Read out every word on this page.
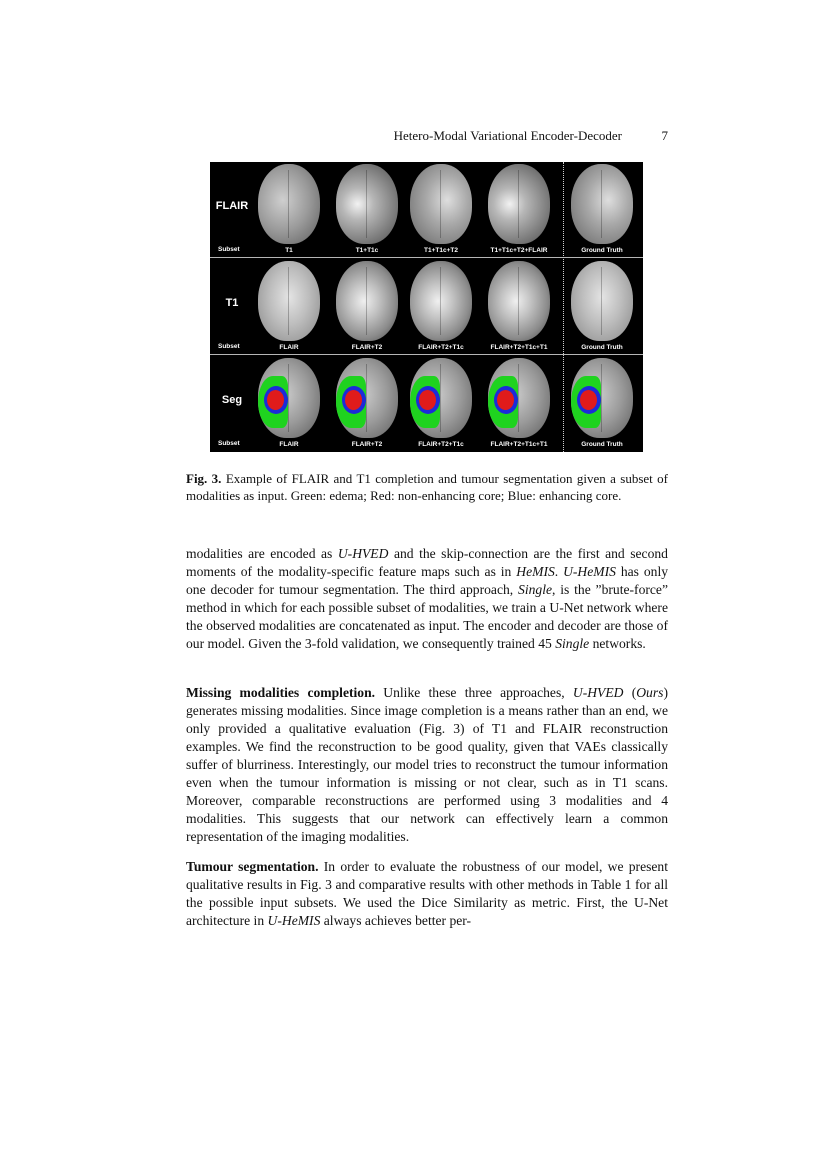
Hetero-Modal Variational Encoder-Decoder	7
FLAIR
Subset	T1	T1+T1c	T1+T1c+T2	T1+T1c+T2+FLAIR	Ground Truth
T1
Subset	FLAIR	FLAIR+T2	FLAIR+T2+T1c	FLAIR+T2+T1c+T1	Ground Truth
Seg
Subset	FLAIR	FLAIR+T2	FLAIR+T2+T1c	FLAIR+T2+T1c+T1	Ground Truth
Fig. 3. Example of FLAIR and T1 completion and tumour segmentation given a subset of modalities as input. Green: edema; Red: non-enhancing core; Blue: enhancing core.
modalities are encoded as U-HVED and the skip-connection are the first and second moments of the modality-specific feature maps such as in HeMIS. U-HeMIS has only one decoder for tumour segmentation. The third approach, Single, is the ”brute-force” method in which for each possible subset of modalities, we train a U-Net network where the observed modalities are concatenated as input. The encoder and decoder are those of our model. Given the 3-fold validation, we consequently trained 45 Single networks.
Missing modalities completion. Unlike these three approaches, U-HVED (Ours) generates missing modalities. Since image completion is a means rather than an end, we only provided a qualitative evaluation (Fig. 3) of T1 and FLAIR reconstruction examples. We find the reconstruction to be good quality, given that VAEs classically suffer of blurriness. Interestingly, our model tries to reconstruct the tumour information even when the tumour information is missing or not clear, such as in T1 scans. Moreover, comparable reconstructions are performed using 3 modalities and 4 modalities. This suggests that our network can effectively learn a common representation of the imaging modalities.
Tumour segmentation. In order to evaluate the robustness of our model, we present qualitative results in Fig. 3 and comparative results with other methods in Table 1 for all the possible input subsets. We used the Dice Similarity as metric. First, the U-Net architecture in U-HeMIS always achieves better per-
